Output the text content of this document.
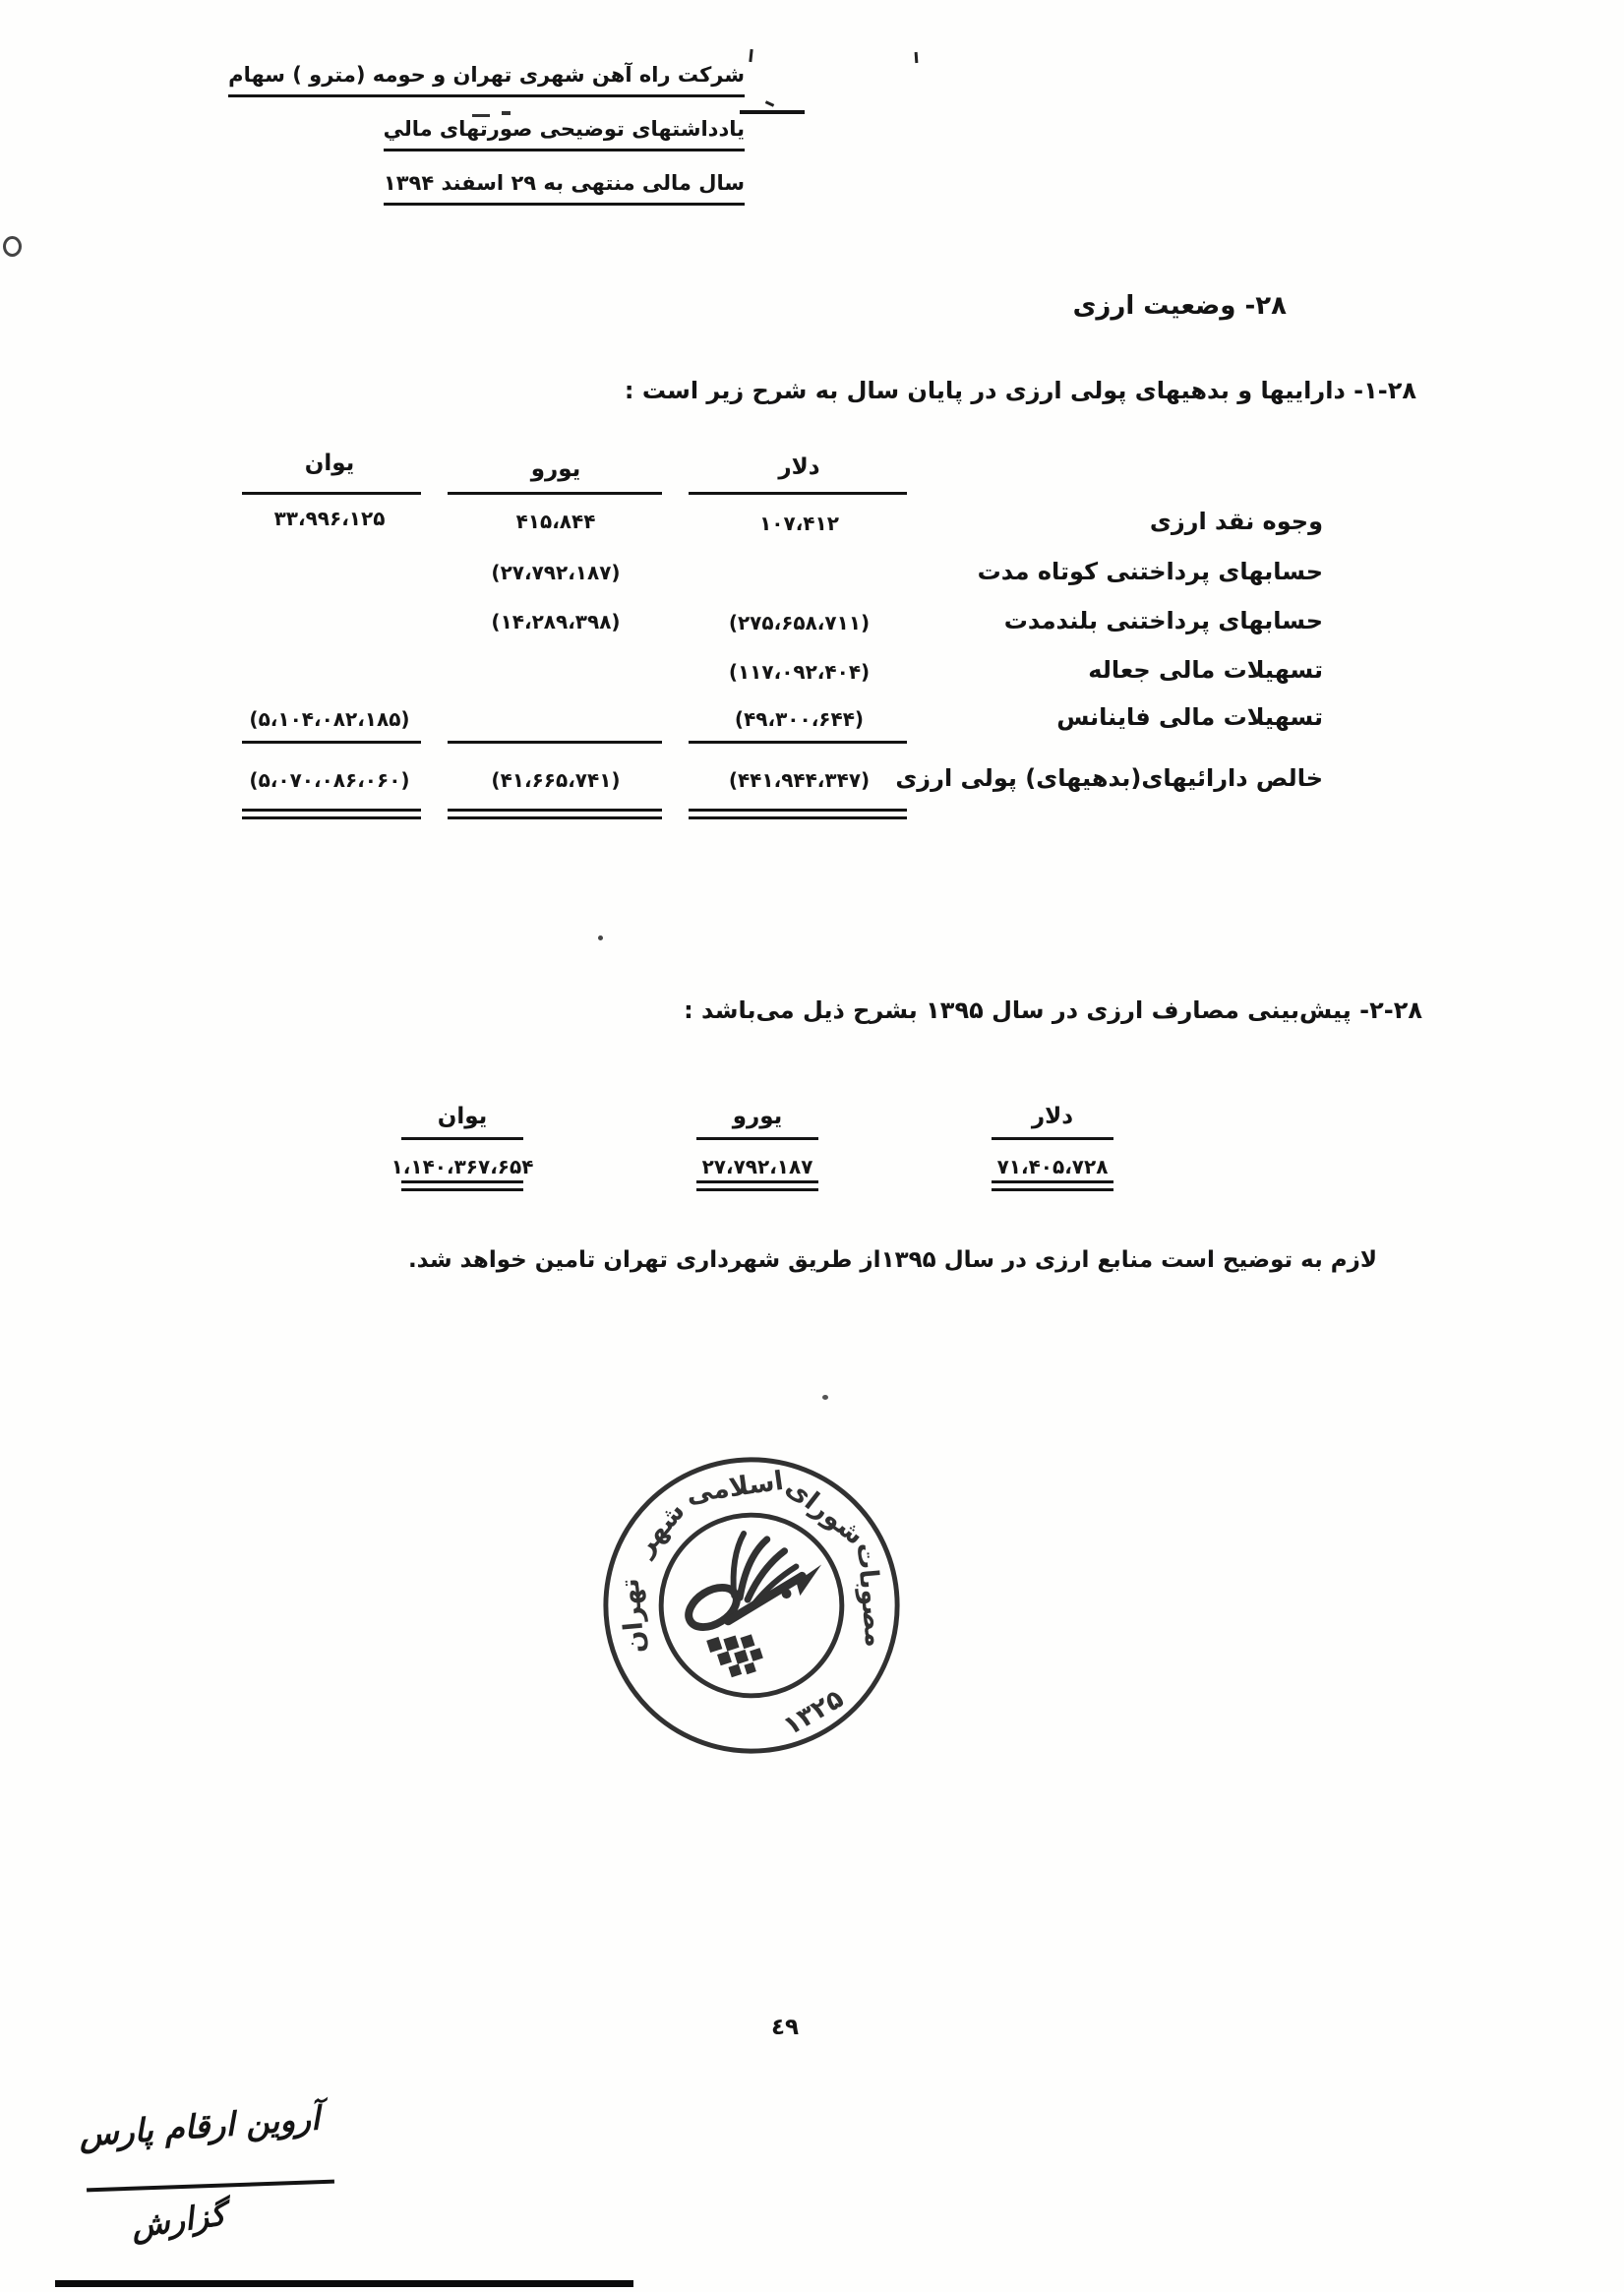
شرکت راه آهن شهری تهران و حومه (مترو ) سهام
یادداشتهای توضیحی صورتهای مالي
سال مالی منتهی به ۲۹ اسفند ۱۳۹۴
۲۸- وضعیت ارزی
۱-۲۸- داراییها و بدهیهای پولی ارزی در پایان سال به شرح زیر است :
دلار
یورو
یوان
وجوه نقد ارزی
حسابهای پرداختنی کوتاه مدت
حسابهای پرداختنی بلندمدت
تسهیلات مالی جعاله
تسهیلات مالی فاینانس
خالص دارائیهای(بدهیهای) پولی ارزی
۱۰۷،۴۱۲
(۲۷۵،۶۵۸،۷۱۱)
(۱۱۷،۰۹۲،۴۰۴)
(۴۹،۳۰۰،۶۴۴)
۴۱۵،۸۴۴
(۲۷،۷۹۲،۱۸۷)
(۱۴،۲۸۹،۳۹۸)
۳۳،۹۹۶،۱۲۵
(۵،۱۰۴،۰۸۲،۱۸۵)
(۴۴۱،۹۴۴،۳۴۷)
(۴۱،۶۶۵،۷۴۱)
(۵،۰۷۰،۰۸۶،۰۶۰)
۲-۲۸- پیش‌بینی مصارف ارزی در سال ۱۳۹۵ بشرح ذیل می‌باشد :
دلار
یورو
یوان
۷۱،۴۰۵،۷۲۸
۲۷،۷۹۲،۱۸۷
۱،۱۴۰،۳۶۷،۶۵۴
لازم به توضیح است منابع ارزی در سال ۱۳۹۵از طریق شهرداری تهران تامین خواهد شد.
مصوبات
شورای
اسلامی
شهر
تهران
۱۳۲۵
٤٩
آروین ارقام پارس
گزارش
